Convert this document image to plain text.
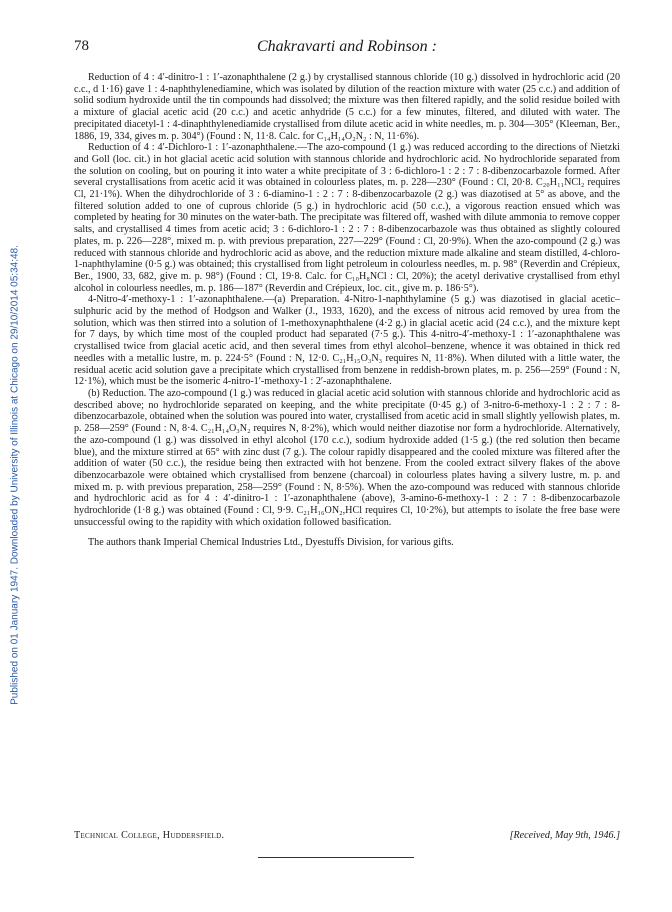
Published on 01 January 1947. Downloaded by University of Illinois at Chicago on 29/10/2014 05:34:48.
78	Chakravarti and Robinson :

Reduction of 4 : 4′-dinitro-1 : 1′-azonaphthalene (2 g.) by crystallised stannous chloride (10 g.) dissolved in hydrochloric acid (20 c.c., d 1·16) gave 1 : 4-naphthylenediamine, which was isolated by dilution of the reaction mixture with water (25 c.c.) and addition of solid sodium hydroxide until the tin compounds had dissolved; the mixture was then filtered rapidly, and the solid residue boiled with a mixture of glacial acetic acid (20 c.c.) and acetic anhydride (5 c.c.) for a few minutes, filtered, and diluted with water. The precipitated diacetyl-1 : 4-dinaphthylenediamide crystallised from dilute acetic acid in white needles, m. p. 304—305° (Kleeman, Ber., 1886, 19, 334, gives m. p. 304°) (Found : N, 11·8. Calc. for C₁₄H₁₄O₂N₂ : N, 11·6%).

Reduction of 4 : 4′-Dichloro-1 : 1′-azonaphthalene.—The azo-compound (1 g.) was reduced according to the directions of Nietzki and Goll (loc. cit.) in hot glacial acetic acid solution with stannous chloride and hydrochloric acid. No hydrochloride separated from the solution on cooling, but on pouring it into water a white precipitate of 3 : 6-dichloro-1 : 2 : 7 : 8-dibenzocarbazole formed. After several crystallisations from acetic acid it was obtained in colourless plates, m. p. 228—230° (Found : Cl, 20·8. C₂₀H₁₁NCl₂ requires Cl, 21·1%). When the dihydrochloride of 3 : 6-diamino-1 : 2 : 7 : 8-dibenzocarbazole (2 g.) was diazotised at 5° as above, and the filtered solution added to one of cuprous chloride (5 g.) in hydrochloric acid (50 c.c.), a vigorous reaction ensued which was completed by heating for 30 minutes on the water-bath. The precipitate was filtered off, washed with dilute ammonia to remove copper salts, and crystallised 4 times from acetic acid; 3 : 6-dichloro-1 : 2 : 7 : 8-dibenzocarbazole was thus obtained as slightly coloured plates, m. p. 226—228°, mixed m. p. with previous preparation, 227—229° (Found : Cl, 20·9%). When the azo-compound (2 g.) was reduced with stannous chloride and hydrochloric acid as above, and the reduction mixture made alkaline and steam distilled, 4-chloro-1-naphthylamine (0·5 g.) was obtained; this crystallised from light petroleum in colourless needles, m. p. 98° (Reverdin and Crépieux, Ber., 1900, 33, 682, give m. p. 98°) (Found : Cl, 19·8. Calc. for C₁₀H₈NCl : Cl, 20%); the acetyl derivative crystallised from ethyl alcohol in colourless needles, m. p. 186—187° (Reverdin and Crépieux, loc. cit., give m. p. 186·5°).

4-Nitro-4′-methoxy-1 : 1′-azonaphthalene.—(a) Preparation. 4-Nitro-1-naphthylamine (5 g.) was diazotised in glacial acetic–sulphuric acid by the method of Hodgson and Walker (J., 1933, 1620), and the excess of nitrous acid removed by urea from the solution, which was then stirred into a solution of 1-methoxynaphthalene (4·2 g.) in glacial acetic acid (24 c.c.), and the mixture kept for 7 days, by which time most of the coupled product had separated (7·5 g.). This 4-nitro-4′-methoxy-1 : 1′-azonaphthalene was crystallised twice from glacial acetic acid, and then several times from ethyl alcohol–benzene, whence it was obtained in thick red needles with a metallic lustre, m. p. 224·5° (Found : N, 12·0. C₂₁H₁₅O₃N₃ requires N, 11·8%). When diluted with a little water, the residual acetic acid solution gave a precipitate which crystallised from benzene in reddish-brown plates, m. p. 256—259° (Found : N, 12·1%), which must be the isomeric 4-nitro-1′-methoxy-1 : 2′-azonaphthalene.

(b) Reduction. The azo-compound (1 g.) was reduced in glacial acetic acid solution with stannous chloride and hydrochloric acid as described above; no hydrochloride separated on keeping, and the white precipitate (0·45 g.) of 3-nitro-6-methoxy-1 : 2 : 7 : 8-dibenzocarbazole, obtained when the solution was poured into water, crystallised from acetic acid in small slightly yellowish plates, m. p. 258—259° (Found : N, 8·4. C₂₁H₁₄O₃N₂ requires N, 8·2%), which would neither diazotise nor form a hydrochloride. Alternatively, the azo-compound (1 g.) was dissolved in ethyl alcohol (170 c.c.), sodium hydroxide added (1·5 g.) (the red solution then became blue), and the mixture stirred at 65° with zinc dust (7 g.). The colour rapidly disappeared and the cooled mixture was filtered after the addition of water (50 c.c.), the residue being then extracted with hot benzene. From the cooled extract silvery flakes of the above dibenzocarbazole were obtained which crystallised from benzene (charcoal) in colourless plates having a silvery lustre, m. p. and mixed m. p. with previous preparation, 258—259° (Found : N, 8·5%). When the azo-compound was reduced with stannous chloride and hydrochloric acid as for 4 : 4′-dinitro-1 : 1′-azonaphthalene (above), 3-amino-6-methoxy-1 : 2 : 7 : 8-dibenzocarbazole hydrochloride (1·8 g.) was obtained (Found : Cl, 9·9. C₂₁H₁₆ON₂,HCl requires Cl, 10·2%), but attempts to isolate the free base were unsuccessful owing to the rapidity with which oxidation followed basification.

The authors thank Imperial Chemical Industries Ltd., Dyestuffs Division, for various gifts.

Technical College, Huddersfield.	[Received, May 9th, 1946.]
